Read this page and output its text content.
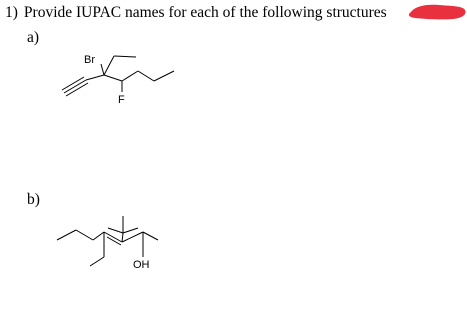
1) Provide IUPAC names for each of the following structures
a)
b)
Br
F
OH
